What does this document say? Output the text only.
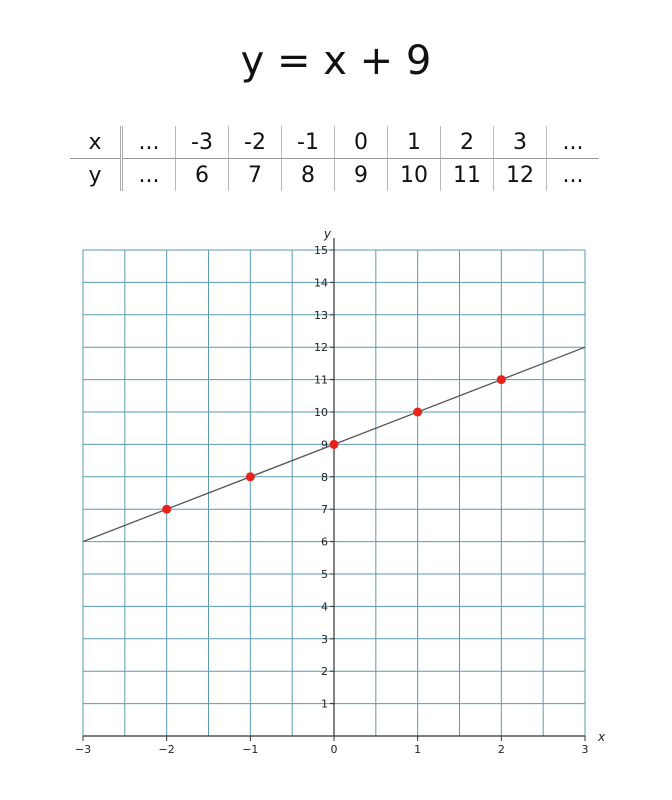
y = x + 9
x	...	-3	-2	-1	0	1	2	3	...
y	...	6	7	8	9	10	11	12	...
−3	−2	−1	0	1	2	3
1
2
3
4
5
6
7
8
9
10
11
12
13
14
15
x
y
